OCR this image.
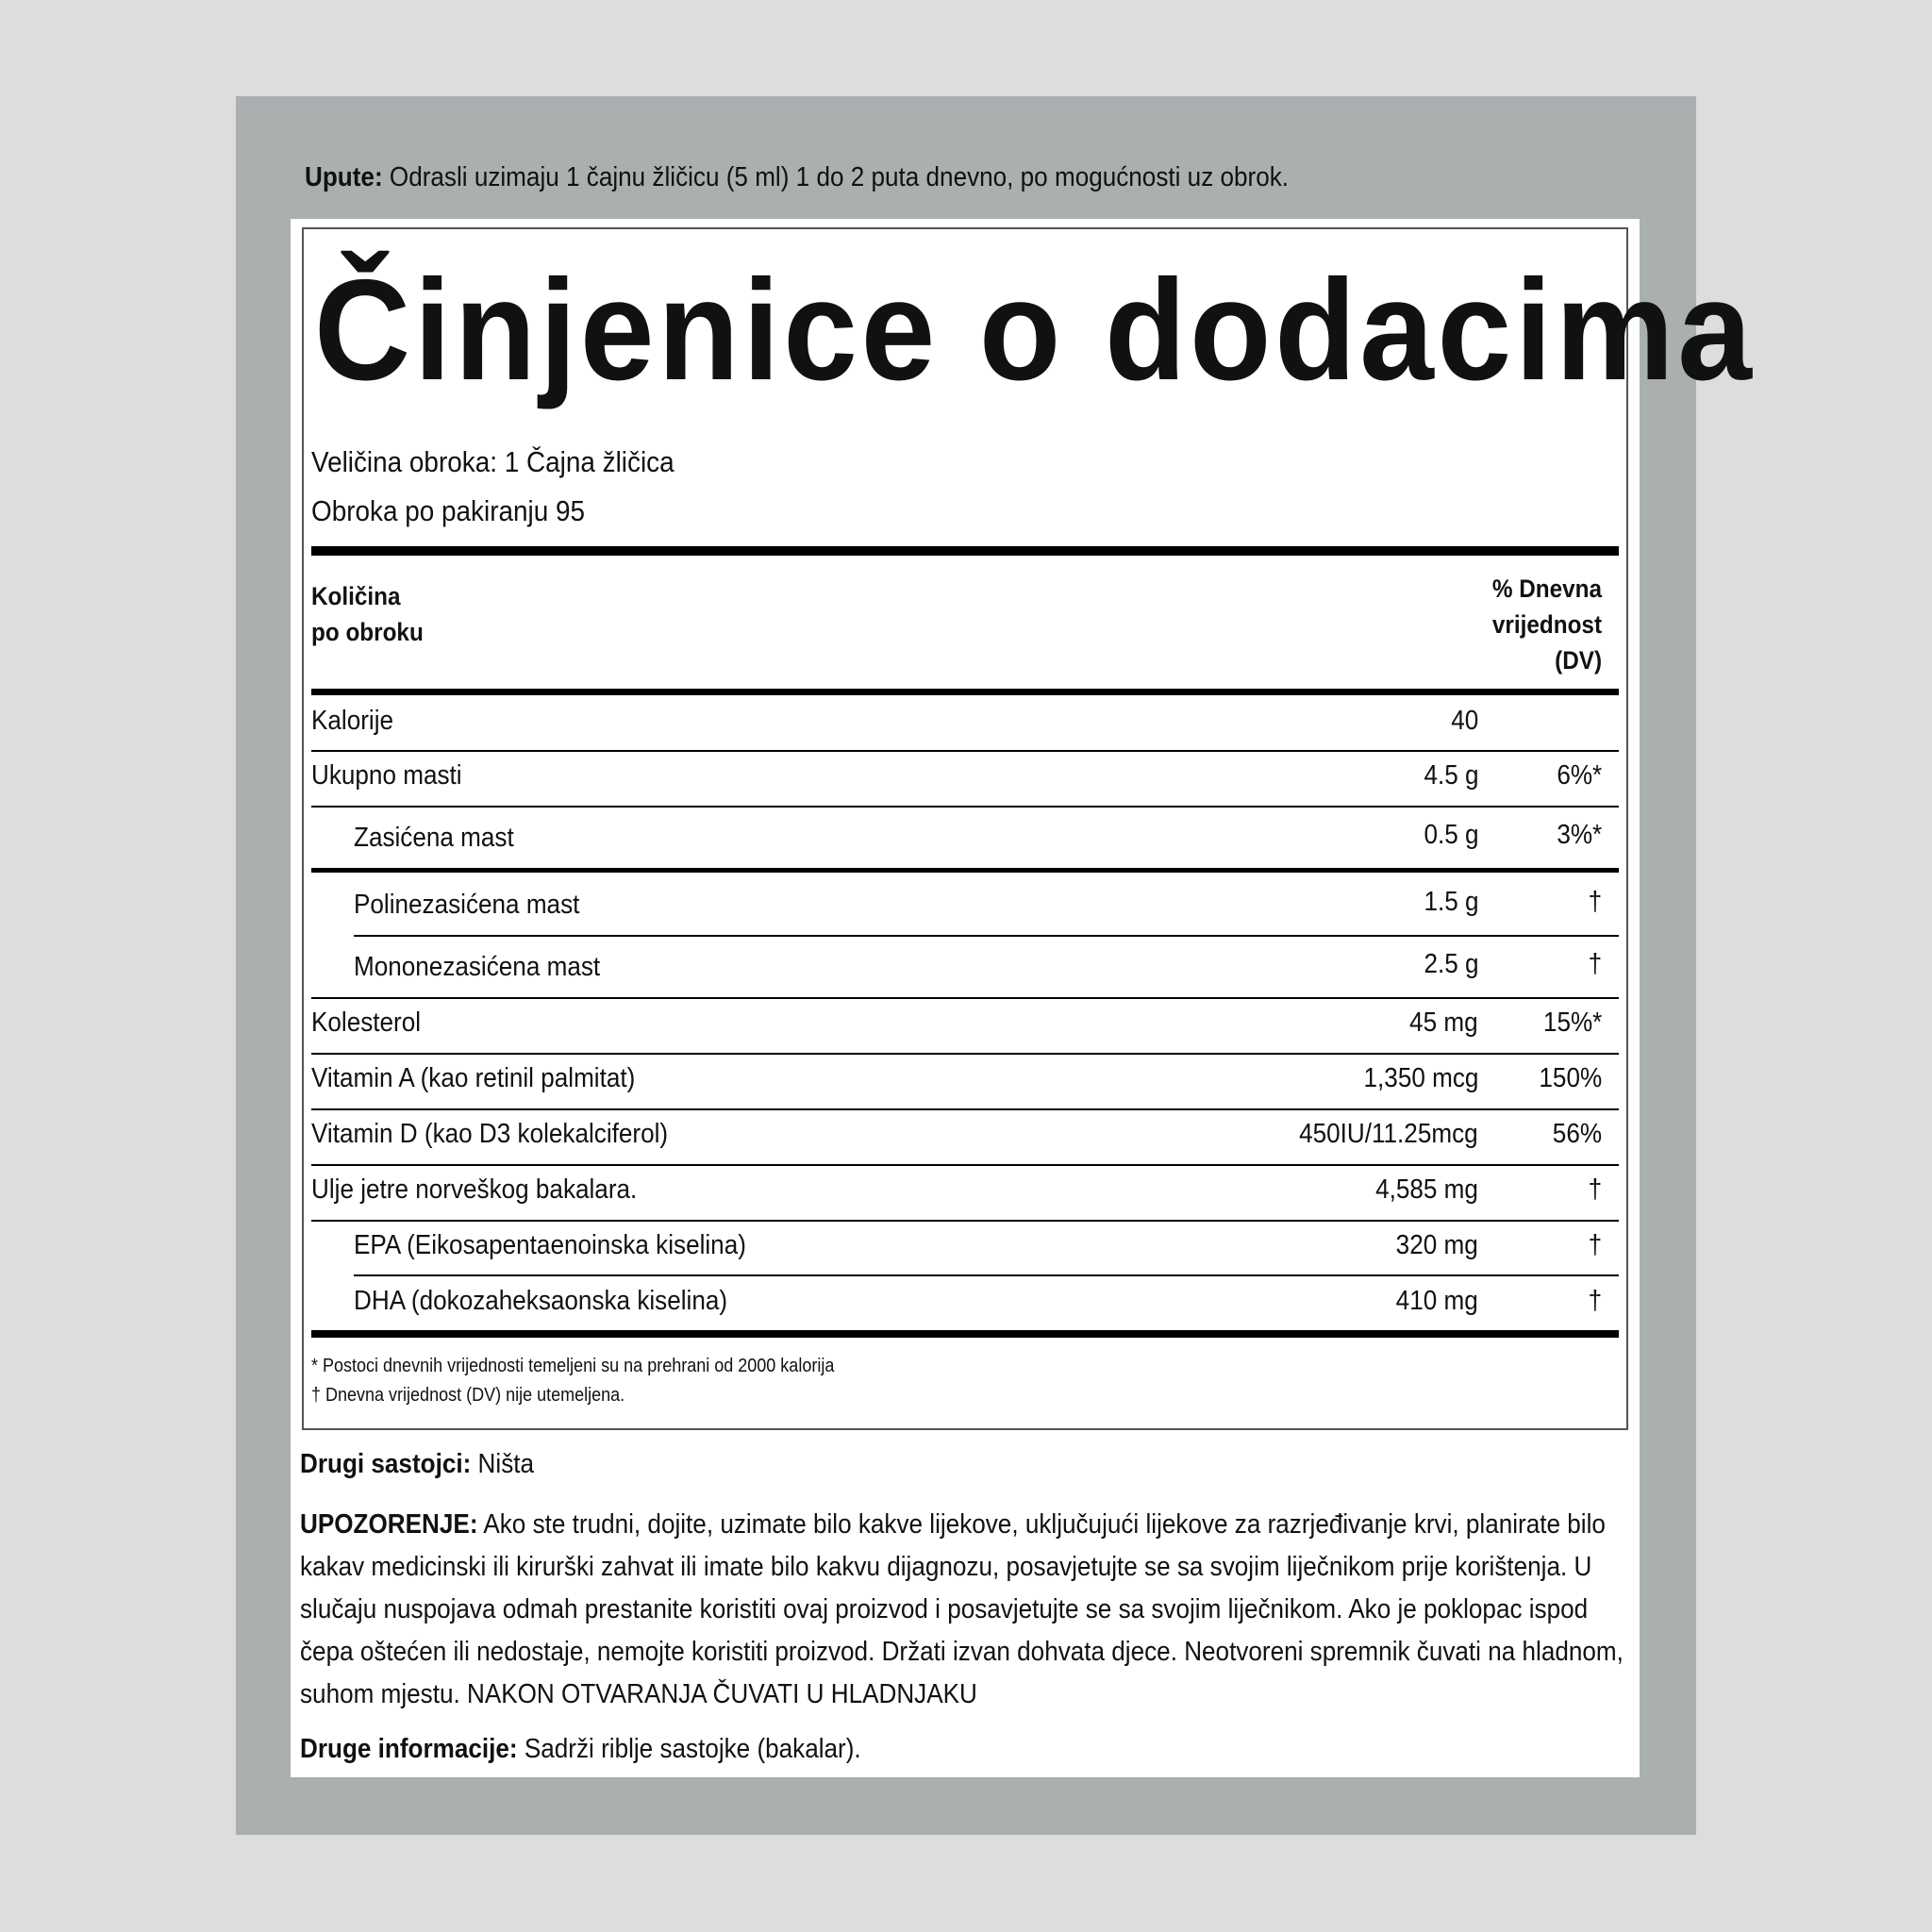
Upute: Odrasli uzimaju 1 čajnu žličicu (5 ml) 1 do 2 puta dnevno, po mogućnosti uz obrok.
Činjenice o dodacima
Veličina obroka: 1 Čajna žličica
Obroka po pakiranju 95
Količina
po obroku
% Dnevna
vrijednost
(DV)
Kalorije	40
Ukupno masti	4.5 g	6%*
Zasićena mast	0.5 g	3%*
Polinezasićena mast	1.5 g	†
Mononezasićena mast	2.5 g	†
Kolesterol	45 mg 15%*
Vitamin A (kao retinil palmitat)	1,350 mcg 150%
Vitamin D (kao D3 kolekalciferol)	450IU/11.25mcg	56%
Ulje jetre norveškog bakalara.	4,585 mg	†
EPA (Eikosapentaenoinska kiselina)	320 mg	†
DHA (dokozaheksaonska kiselina)	410 mg	†
* Postoci dnevnih vrijednosti temeljeni su na prehrani od 2000 kalorija
† Dnevna vrijednost (DV) nije utemeljena.
Drugi sastojci: Ništa
UPOZORENJE: Ako ste trudni, dojite, uzimate bilo kakve lijekove, uključujući lijekove za razrjeđivanje krvi, planirate bilo
kakav medicinski ili kirurški zahvat ili imate bilo kakvu dijagnozu, posavjetujte se sa svojim liječnikom prije korištenja. U
slučaju nuspojava odmah prestanite koristiti ovaj proizvod i posavjetujte se sa svojim liječnikom. Ako je poklopac ispod
čepa oštećen ili nedostaje, nemojte koristiti proizvod. Držati izvan dohvata djece. Neotvoreni spremnik čuvati na hladnom,
suhom mjestu. NAKON OTVARANJA ČUVATI U HLADNJAKU
Druge informacije: Sadrži riblje sastojke (bakalar).
